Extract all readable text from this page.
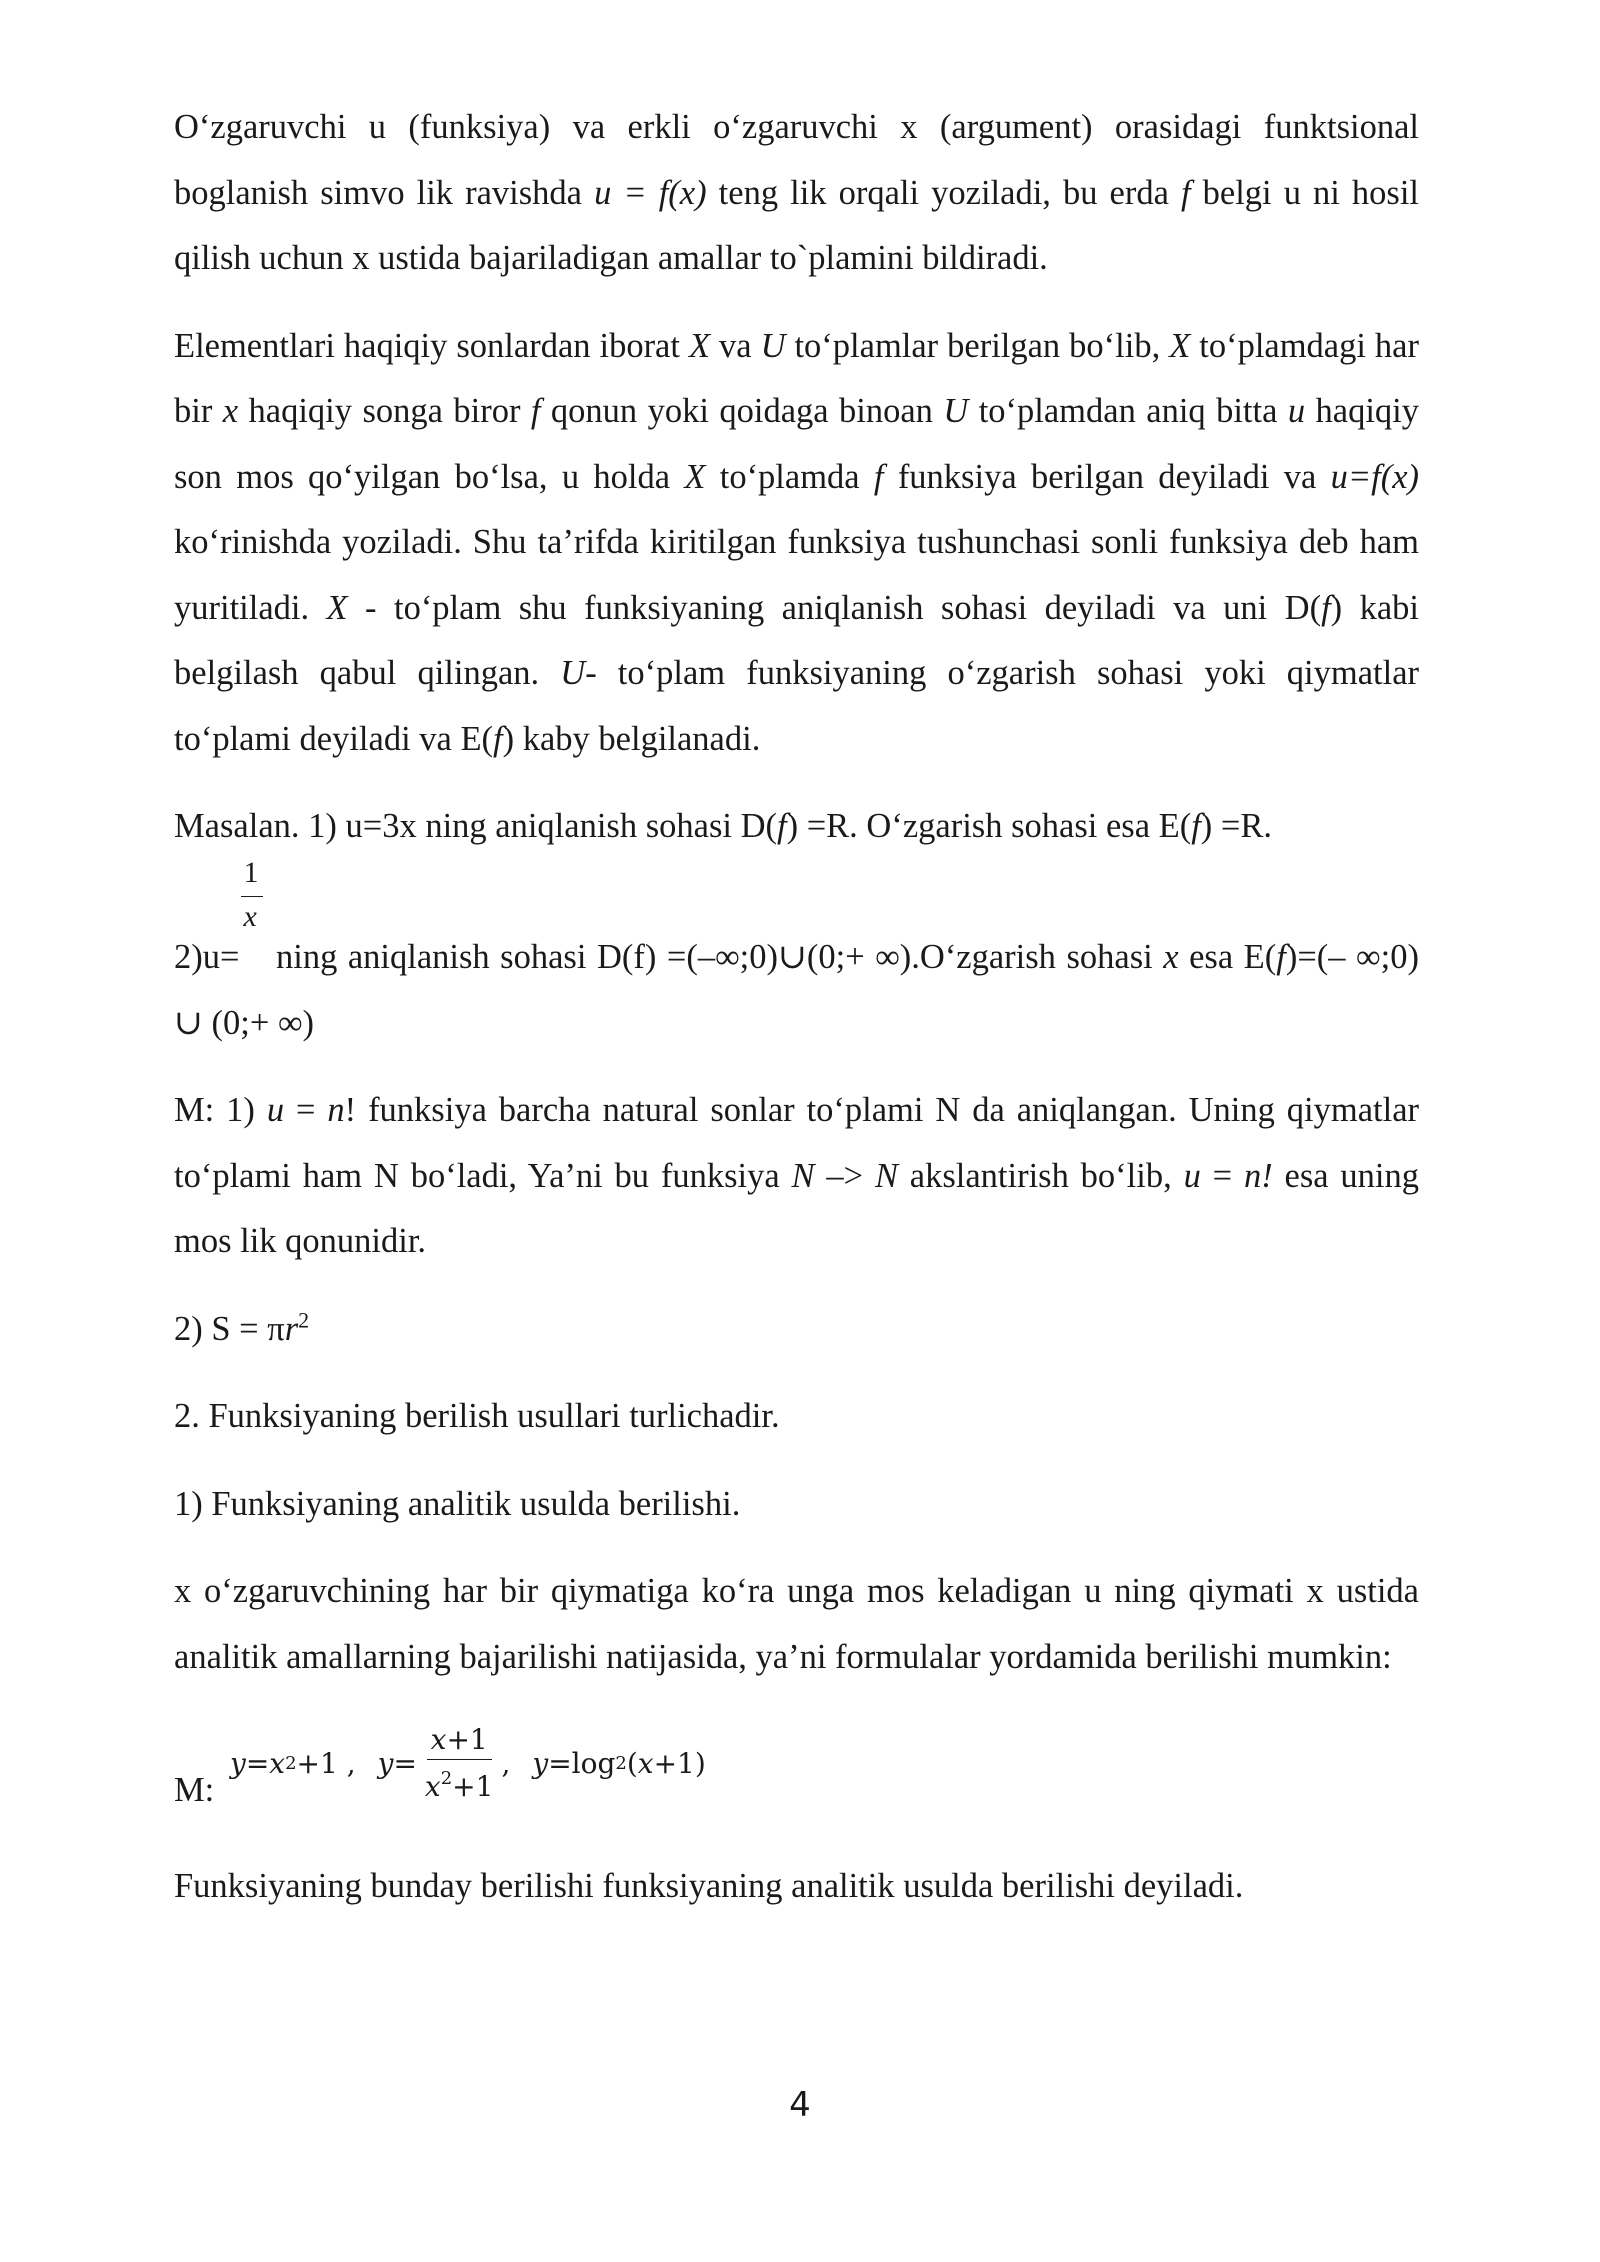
O‘zgaruvchi u (funksiya) va erkli o‘zgaruvchi x (argument) orasidagi funktsional boglanish simvo lik ravishda u = f(x) teng lik orqali yoziladi, bu erda f belgi u ni hosil qilish uchun x ustida bajariladigan amallar to`plamini bildiradi.

Elementlari haqiqiy sonlardan iborat X va U to‘plamlar berilgan bo‘lib, X to‘plamdagi har bir x haqiqiy songa biror f qonun yoki qoidaga binoan U to‘plamdan aniq bitta u haqiqiy son mos qo‘yilgan bo‘lsa, u holda X to‘plamda f funksiya berilgan deyiladi va u=f(x) ko‘rinishda yoziladi. Shu ta’rifda kiritilgan funksiya tushunchasi sonli funksiya deb ham yuritiladi. X - to‘plam shu funksiyaning aniqlanish sohasi deyiladi va uni D(f) kabi belgilash qabul qilingan. U- to‘plam funksiyaning o‘zgarish sohasi yoki qiymatlar to‘plami deyiladi va E(f) kaby belgilanadi.

Masalan. 1) u=3x ning aniqlanish sohasi D(f) =R. O‘zgarish sohasi esa E(f) =R.
$2)u= \frac{1}{x}$ ning aniqlanish sohasi D(f) =(–∞;0)∪(0;+ ∞).O‘zgarish sohasi x esa E(f)=(– ∞;0) ∪ (0;+ ∞)

M: 1) u = n! funksiya barcha natural sonlar to‘plami N da aniqlangan. Uning qiymatlar to‘plami ham N bo‘ladi, Ya’ni bu funksiya N –> N akslantirish bo‘lib, u = n! esa uning mos lik qonunidir.

2) $S = \pi r^2$

2. Funksiyaning berilish usullari turlichadir.

1) Funksiyaning analitik usulda berilishi.

x o‘zgaruvchining har bir qiymatiga ko‘ra unga mos keladigan u ning qiymati x ustida analitik amallarning bajarilishi natijasida, ya’ni formulalar yordamida berilishi mumkin:

M:
y = x 2 +1 , y =
x+1
$x^2+1$
, y =log 2 ( x +1)

Funksiyaning bunday berilishi funksiyaning analitik usulda berilishi deyiladi.

4
